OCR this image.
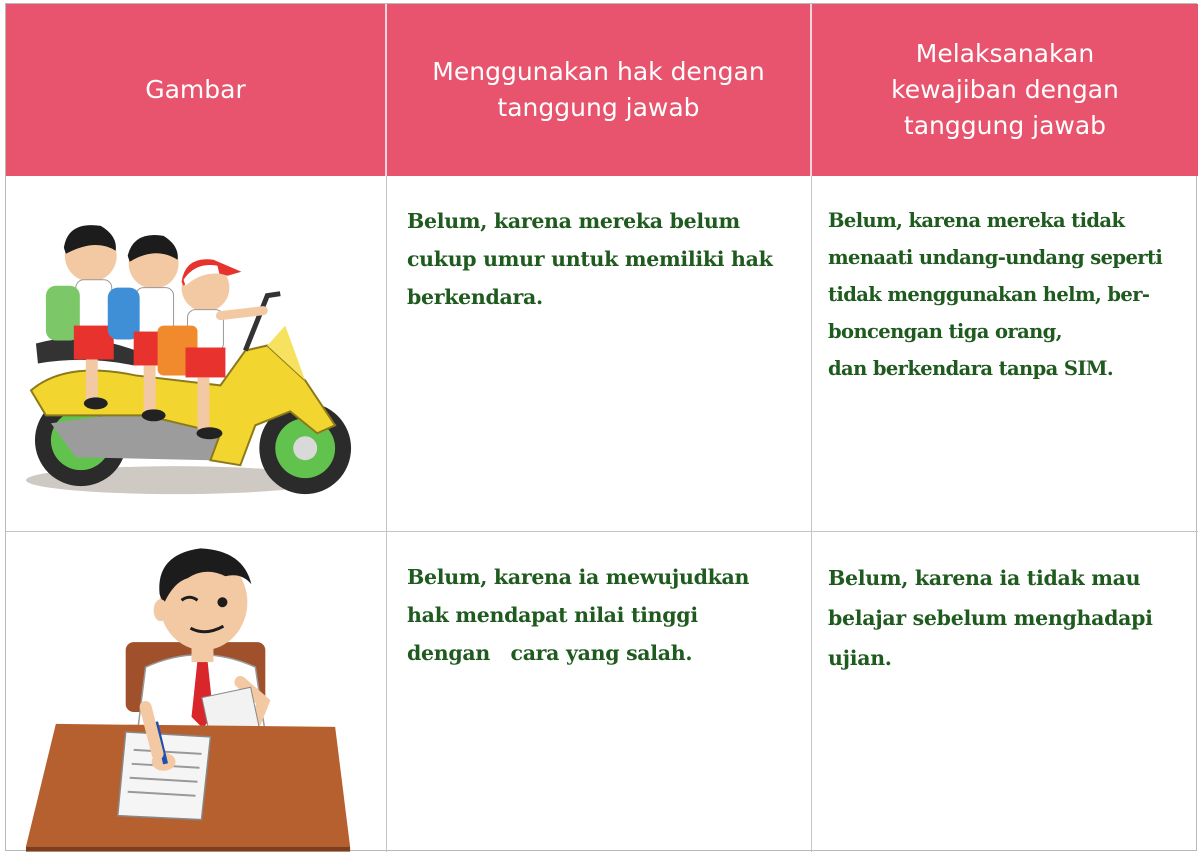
Gambar
Menggunakan hak dengan
tanggung jawab
Melaksanakan
kewajiban dengan
tanggung jawab
Belum, karena mereka belum
cukup umur untuk memiliki hak
berkendara.
Belum, karena mereka tidak
menaati undang-undang seperti
tidak menggunakan helm, ber-
boncengan tiga orang,
dan berkendara tanpa SIM.
Belum, karena ia mewujudkan
hak mendapat nilai tinggi
dengan   cara yang salah.
Belum, karena ia tidak mau
belajar sebelum menghadapi
ujian.
